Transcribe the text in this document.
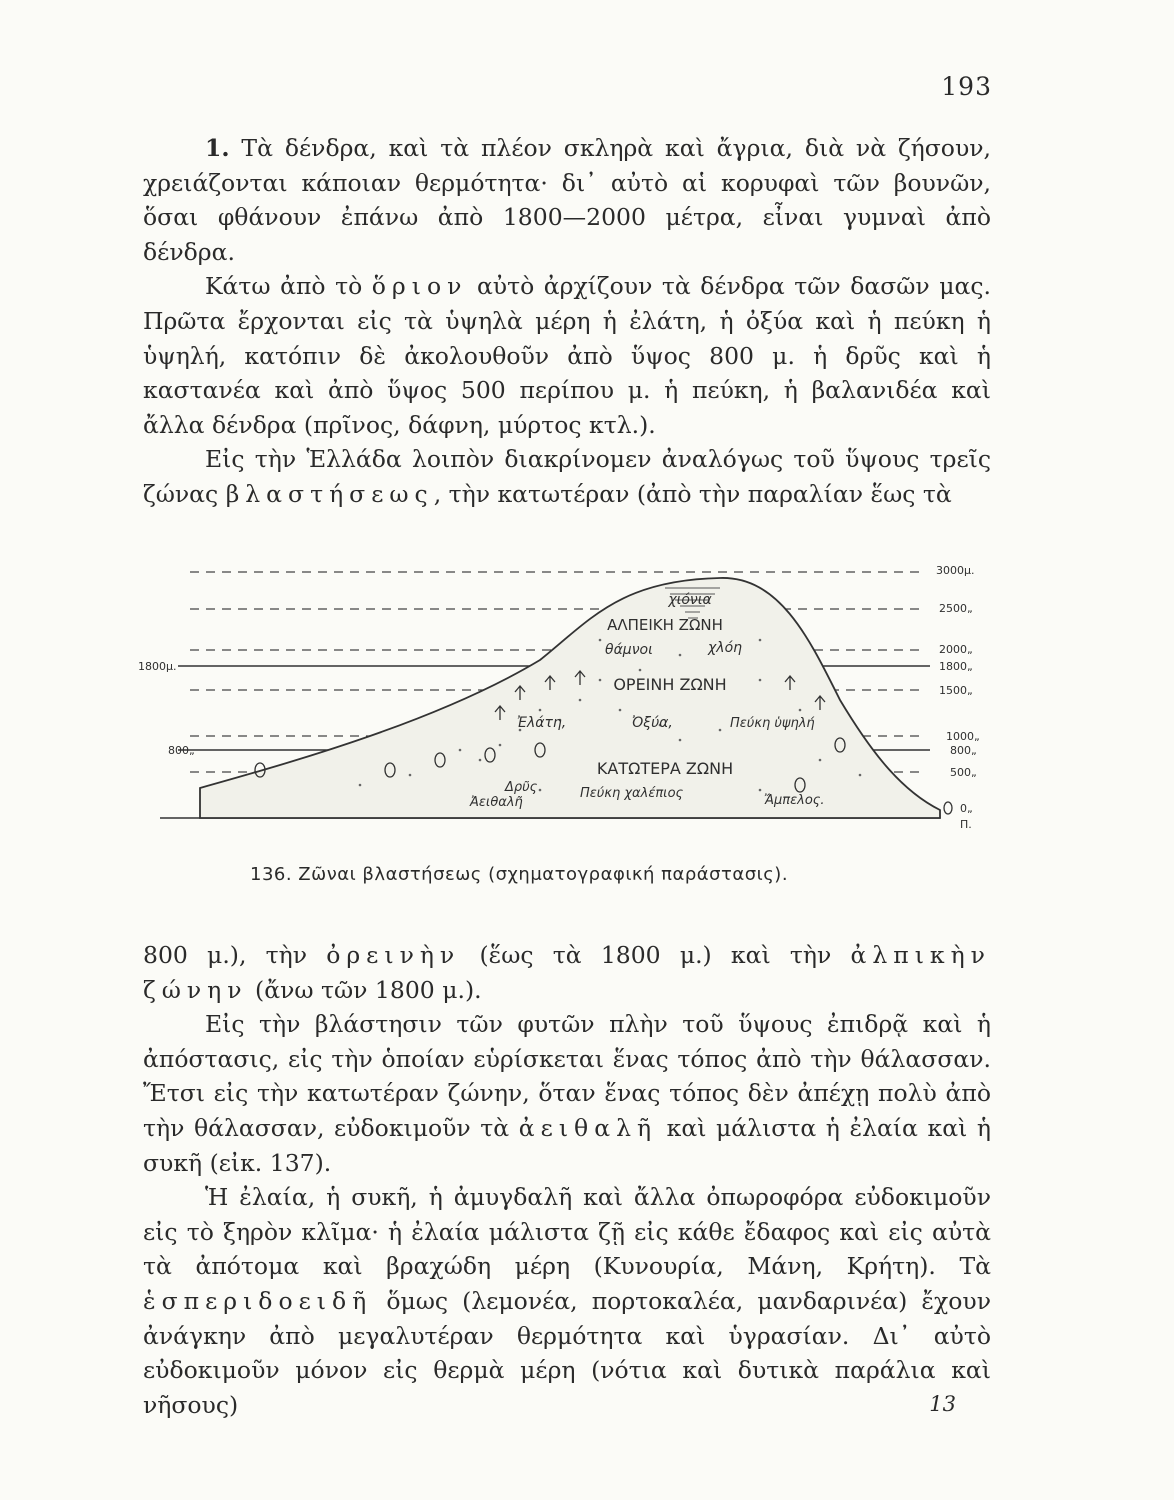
193

1. Τὰ δένδρα, καὶ τὰ πλέον σκληρὰ καὶ ἄγρια, διὰ νὰ ζήσουν, χρειάζονται κάποιαν θερμότητα· δι᾽ αὐτὸ αἱ κορυφαὶ τῶν βουνῶν, ὅσαι φθάνουν ἐπάνω ἀπὸ 1800—2000 μέτρα, εἶναι γυμναὶ ἀπὸ δένδρα.

Κάτω ἀπὸ τὸ ὅριον αὐτὸ ἀρχίζουν τὰ δένδρα τῶν δασῶν μας. Πρῶτα ἔρχονται εἰς τὰ ὑψηλὰ μέρη ἡ ἐλάτη, ἡ ὀξύα καὶ ἡ πεύκη ἡ ὑψηλή, κατόπιν δὲ ἀκολουθοῦν ἀπὸ ὕψος 800 μ. ἡ δρῦς καὶ ἡ καστανέα καὶ ἀπὸ ὕψος 500 περίπου μ. ἡ πεύκη, ἡ βαλανιδέα καὶ ἄλλα δένδρα (πρῖνος, δάφνη, μύρτος κτλ.).

Εἰς τὴν Ἑλλάδα λοιπὸν διακρίνομεν ἀναλόγως τοῦ ὕψους τρεῖς ζώνας βλαστήσεως, τὴν κατωτέραν (ἀπὸ τὴν παραλίαν ἕως τὰ

χιόνια
ΑΛΠΕΙΚΗ ΖΩΝΗ
θάμνοι	χλόη
ΟΡΕΙΝΗ ΖΩΝΗ
Ἐλάτη,	Ὀξύα,	Πεύκη ὑψηλή
ΚΑΤΩΤΕΡΑ ΖΩΝΗ
Δρῦς
Ἀειθαλῆ
Πεύκη χαλέπιος	Ἄμπελος.
3000μ.
2500„
2000„
1800„
1500„
1000„
800„
500„
0„
Π.
1800μ.
800„
136. Ζῶναι βλαστήσεως (σχηματογραφική παράστασις).

800 μ.), τὴν ὀρεινὴν (ἕως τὰ 1800 μ.) καὶ τὴν ἀλπικὴν ζώνην (ἄνω τῶν 1800 μ.).

Εἰς τὴν βλάστησιν τῶν φυτῶν πλὴν τοῦ ὕψους ἐπιδρᾷ καὶ ἡ ἀπόστασις, εἰς τὴν ὁποίαν εὑρίσκεται ἕνας τόπος ἀπὸ τὴν θάλασσαν. Ἔτσι εἰς τὴν κατωτέραν ζώνην, ὅταν ἕνας τόπος δὲν ἀπέχῃ πολὺ ἀπὸ τὴν θάλασσαν, εὐδοκιμοῦν τὰ ἀειθαλῆ καὶ μάλιστα ἡ ἐλαία καὶ ἡ συκῆ (εἰκ. 137).

Ἡ ἐλαία, ἡ συκῆ, ἡ ἀμυγδαλῆ καὶ ἄλλα ὀπωροφόρα εὐδοκιμοῦν εἰς τὸ ξηρὸν κλῖμα· ἡ ἐλαία μάλιστα ζῇ εἰς κάθε ἔδαφος καὶ εἰς αὐτὰ τὰ ἀπότομα καὶ βραχώδη μέρη (Κυνουρία, Μάνη, Κρήτη). Τὰ ἑσπεριδοειδῆ ὅμως (λεμονέα, πορτοκαλέα, μανδαρινέα) ἔχουν ἀνάγκην ἀπὸ μεγαλυτέραν θερμότητα καὶ ὑγρασίαν. Δι᾽ αὐτὸ εὐδοκιμοῦν μόνον εἰς θερμὰ μέρη (νότια καὶ δυτικὰ παράλια καὶ νῆσους)	13
